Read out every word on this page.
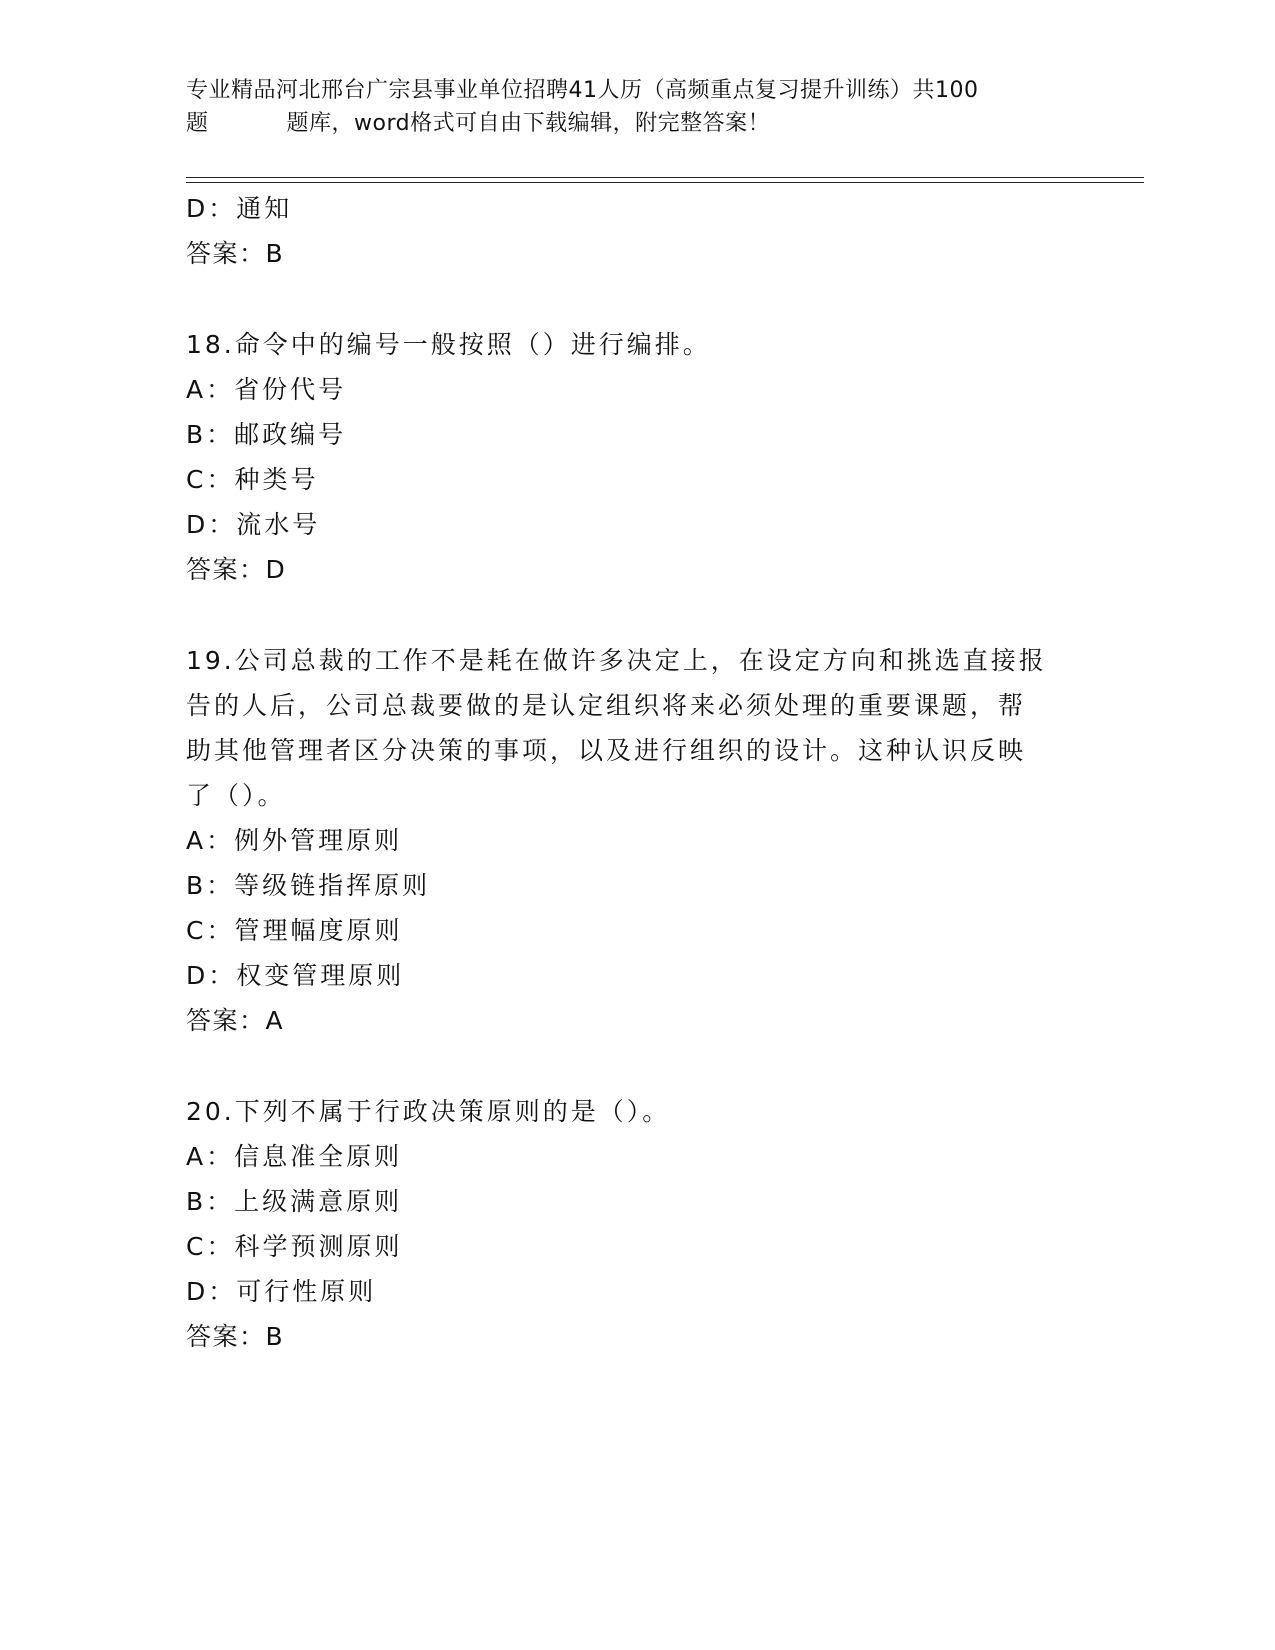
专业精品河北邢台广宗县事业单位招聘41人历（高频重点复习提升训练）共100
题	题库，word格式可自由下载编辑，附完整答案！
D：通知
答案：B
18.命令中的编号一般按照（）进行编排。
A：省份代号
B：邮政编号
C：种类号
D：流水号
答案：D
19.公司总裁的工作不是耗在做许多决定上，在设定方向和挑选直接报
告的人后，公司总裁要做的是认定组织将来必须处理的重要课题，帮
助其他管理者区分决策的事项，以及进行组织的设计。这种认识反映
了（）。
A：例外管理原则
B：等级链指挥原则
C：管理幅度原则
D：权变管理原则
答案：A
20.下列不属于行政决策原则的是（）。
A：信息准全原则
B：上级满意原则
C：科学预测原则
D：可行性原则
答案：B
